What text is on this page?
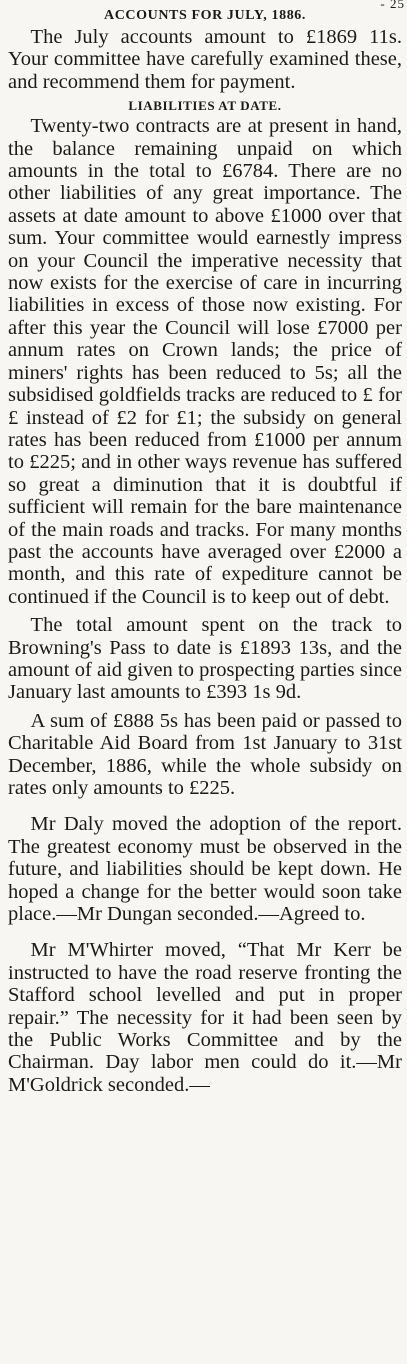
- 25
ACCOUNTS FOR JULY, 1886.

The July accounts amount to £1869 11s. Your committee have carefully examined these, and recommend them for payment.

LIABILITIES AT DATE.

Twenty-two contracts are at present in hand, the balance remaining unpaid on which amounts in the total to £6784. There are no other liabilities of any great importance. The assets at date amount to above £1000 over that sum. Your committee would earnestly impress on your Council the imperative necessity that now exists for the exercise of care in incurring liabilities in excess of those now existing. For after this year the Council will lose £7000 per annum rates on Crown lands; the price of miners' rights has been reduced to 5s; all the subsidised goldfields tracks are reduced to £ for £ instead of £2 for £1; the subsidy on general rates has been reduced from £1000 per annum to £225; and in other ways revenue has suffered so great a diminution that it is doubtful if sufficient will remain for the bare maintenance of the main roads and tracks. For many months past the accounts have averaged over £2000 a month, and this rate of expediture cannot be continued if the Council is to keep out of debt.

The total amount spent on the track to Browning's Pass to date is £1893 13s, and the amount of aid given to prospecting parties since January last amounts to £393 1s 9d.

A sum of £888 5s has been paid or passed to Charitable Aid Board from 1st January to 31st December, 1886, while the whole subsidy on rates only amounts to £225.

Mr Daly moved the adoption of the report. The greatest economy must be observed in the future, and liabilities should be kept down. He hoped a change for the better would soon take place.—Mr Dungan seconded.—Agreed to.

Mr M'Whirter moved, “That Mr Kerr be instructed to have the road reserve fronting the Stafford school levelled and put in proper repair.” The necessity for it had been seen by the Public Works Committee and by the Chairman. Day labor men could do it.—Mr M'Goldrick seconded.—
